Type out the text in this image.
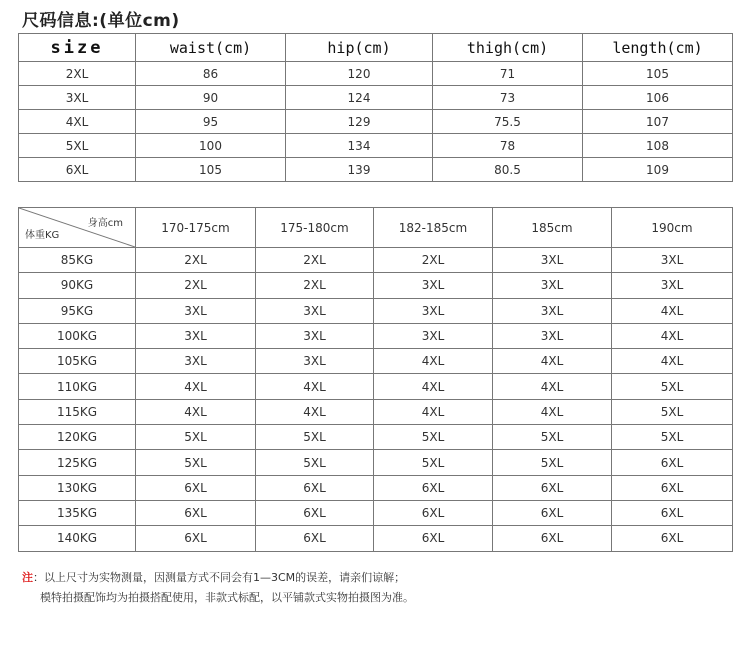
尺码信息:(单位cm)
size	waist(cm)	hip(cm)	thigh(cm)	length(cm)
2XL	86	120	71	105
3XL	90	124	73	106
4XL	95	129	75.5	107
5XL	100	134	78	108
6XL	105	139	80.5	109
身高cm
体重KG	170-175cm	175-180cm	182-185cm	185cm	190cm
85KG	2XL	2XL	2XL	3XL	3XL
90KG	2XL	2XL	3XL	3XL	3XL
95KG	3XL	3XL	3XL	3XL	4XL
100KG	3XL	3XL	3XL	3XL	4XL
105KG	3XL	3XL	4XL	4XL	4XL
110KG	4XL	4XL	4XL	4XL	5XL
115KG	4XL	4XL	4XL	4XL	5XL
120KG	5XL	5XL	5XL	5XL	5XL
125KG	5XL	5XL	5XL	5XL	6XL
130KG	6XL	6XL	6XL	6XL	6XL
135KG	6XL	6XL	6XL	6XL	6XL
140KG	6XL	6XL	6XL	6XL	6XL
注：以上尺寸为实物测量，因测量方式不同会有1—3CM的误差，请亲们谅解；
模特拍摄配饰均为拍摄搭配使用，非款式标配，以平铺款式实物拍摄图为准。
